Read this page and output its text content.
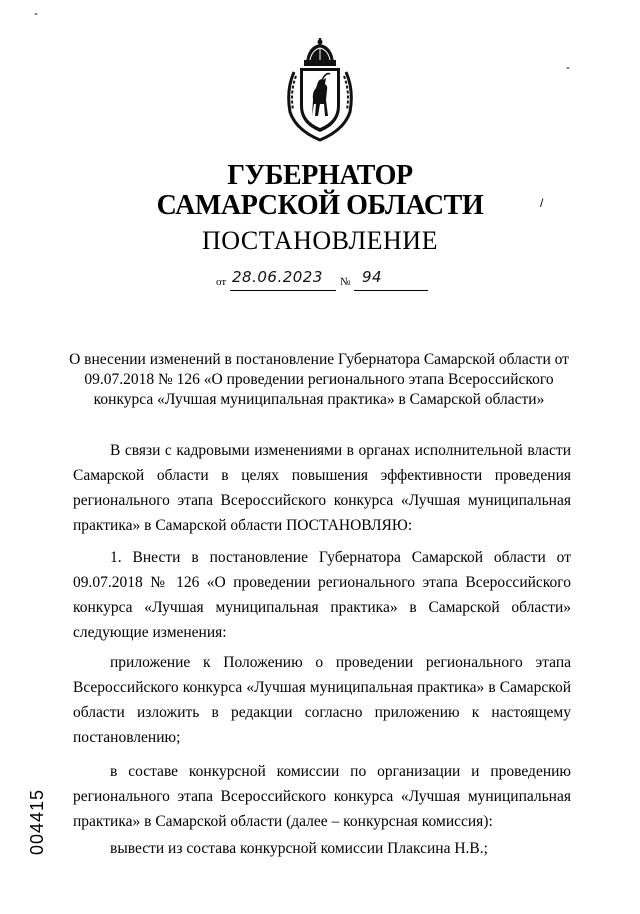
-
-
/
ГУБЕРНАТОР
САМАРСКОЙ ОБЛАСТИ
ПОСТАНОВЛЕНИЕ
от 28.06.2023 № 94
О внесении изменений в постановление Губернатора Самарской области от 09.07.2018 № 126 «О проведении регионального этапа Всероссийского конкурса «Лучшая муниципальная практика» в Самарской области»

В связи с кадровыми изменениями в органах исполнительной власти Самарской области в целях повышения эффективности проведения регионального этапа Всероссийского конкурса «Лучшая муниципальная практика» в Самарской области ПОСТАНОВЛЯЮ:

1. Внести в постановление Губернатора Самарской области от 09.07.2018 № 126 «О проведении регионального этапа Всероссийского конкурса «Лучшая муниципальная практика» в Самарской области» следующие изменения:

приложение к Положению о проведении регионального этапа Всероссийского конкурса «Лучшая муниципальная практика» в Самарской области изложить в редакции согласно приложению к настоящему постановлению;

в составе конкурсной комиссии по организации и проведению регионального этапа Всероссийского конкурса «Лучшая муниципальная практика» в Самарской области (далее – конкурсная комиссия):

вывести из состава конкурсной комиссии Плаксина Н.В.;

004415
